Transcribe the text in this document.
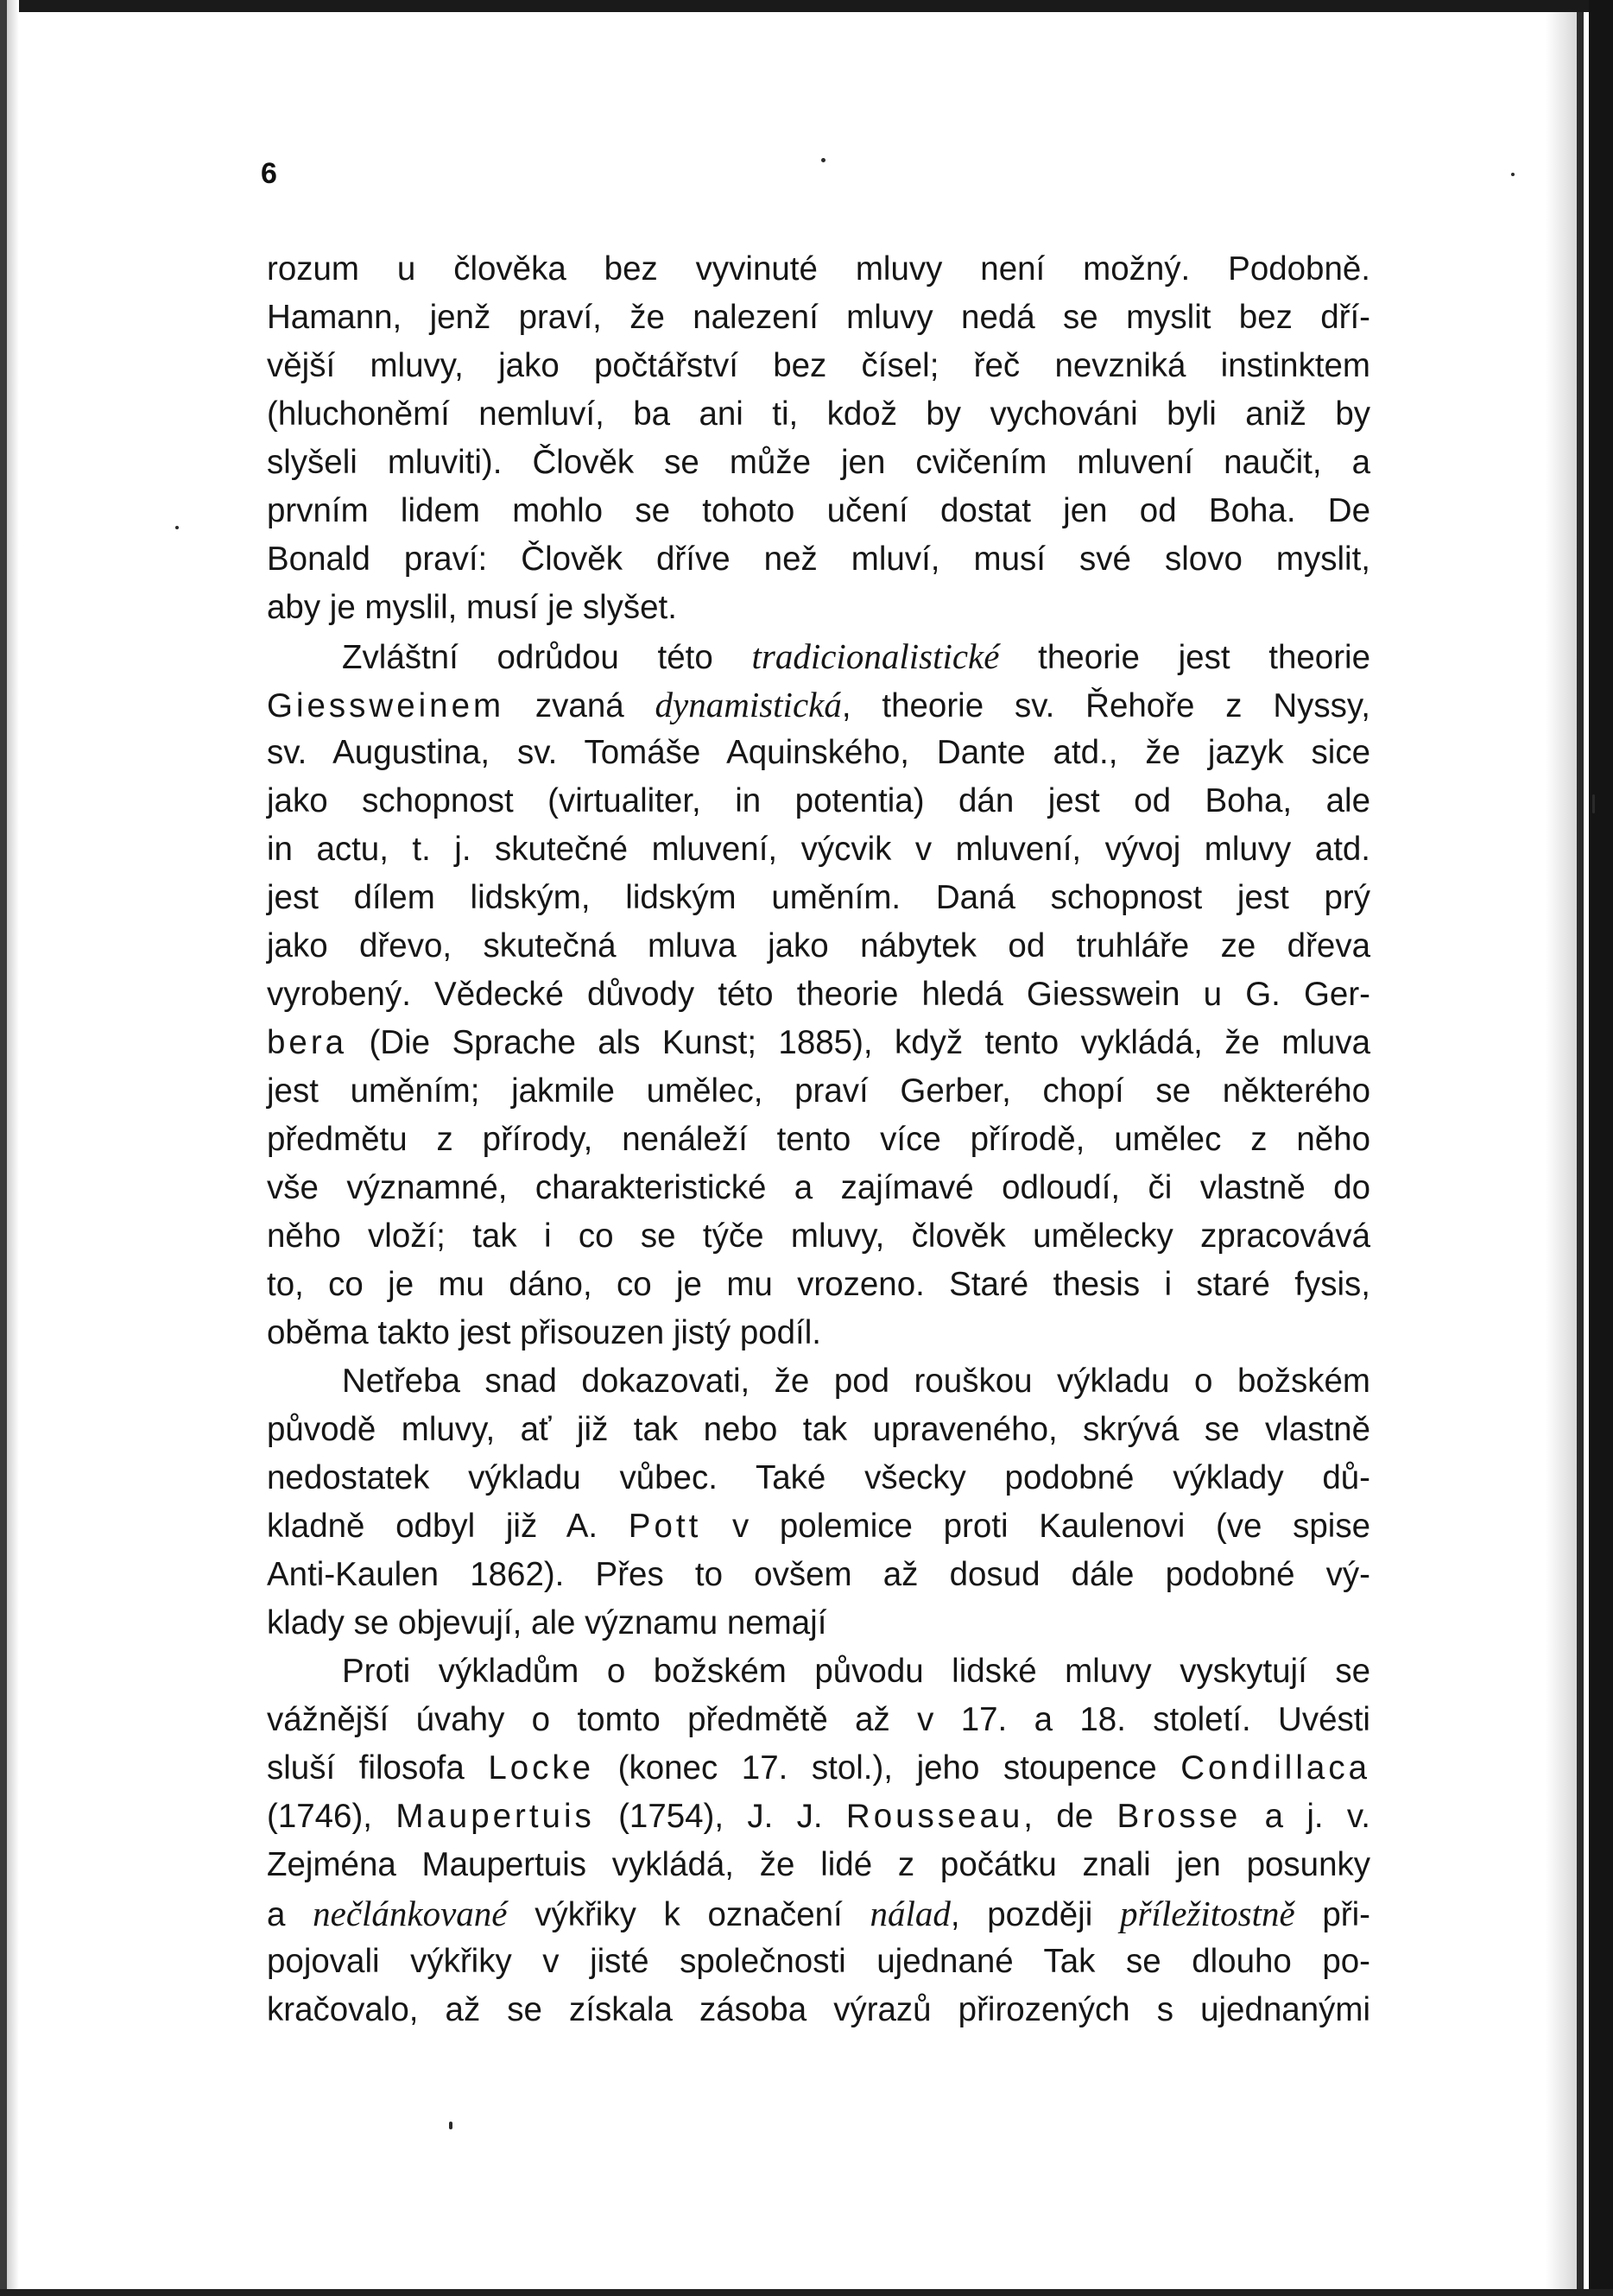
6
rozum u člověka bez vyvinuté mluvy není možný. Podobně.
Hamann, jenž praví, že nalezení mluvy nedá se myslit bez dří-
vější mluvy, jako počtářství bez čísel; řeč nevzniká instinktem
(hluchoněmí nemluví, ba ani ti, kdož by vychováni byli aniž by
slyšeli mluviti). Člověk se může jen cvičením mluvení naučit, a
prvním lidem mohlo se tohoto učení dostat jen od Boha. De
Bonald praví: Člověk dříve než mluví, musí své slovo myslit,
aby je myslil, musí je slyšet.
Zvláštní odrůdou této tradicionalistické theorie jest theorie
Giessweinem zvaná dynamistická, theorie sv. Řehoře z Nyssy,
sv. Augustina, sv. Tomáše Aquinského, Dante atd., že jazyk sice
jako schopnost (virtualiter, in potentia) dán jest od Boha, ale
in actu, t. j. skutečné mluvení, výcvik v mluvení, vývoj mluvy atd.
jest dílem lidským, lidským uměním. Daná schopnost jest prý
jako dřevo, skutečná mluva jako nábytek od truhláře ze dřeva
vyrobený. Vědecké důvody této theorie hledá Giesswein u G. Ger-
bera (Die Sprache als Kunst; 1885), když tento vykládá, že mluva
jest uměním; jakmile umělec, praví Gerber, chopí se některého
předmětu z přírody, nenáleží tento více přírodě, umělec z něho
vše významné, charakteristické a zajímavé odloudí, či vlastně do
něho vloží; tak i co se týče mluvy, člověk umělecky zpracovává
to, co je mu dáno, co je mu vrozeno. Staré thesis i staré fysis,
oběma takto jest přisouzen jistý podíl.
Netřeba snad dokazovati, že pod rouškou výkladu o božském
původě mluvy, ať již tak nebo tak upraveného, skrývá se vlastně
nedostatek výkladu vůbec. Také všecky podobné výklady dů-
kladně odbyl již A. Pott v polemice proti Kaulenovi (ve spise
Anti-Kaulen 1862). Přes to ovšem až dosud dále podobné vý-
klady se objevují, ale významu nemají
Proti výkladům o božském původu lidské mluvy vyskytují se
vážnější úvahy o tomto předmětě až v 17. a 18. století. Uvésti
sluší filosofa Locke (konec 17. stol.), jeho stoupence Condillaca
(1746), Maupertuis (1754), J. J. Rousseau, de Brosse a j. v.
Zejména Maupertuis vykládá, že lidé z počátku znali jen posunky
a nečlánkované výkřiky k označení nálad, později příležitostně při-
pojovali výkřiky v jisté společnosti ujednané Tak se dlouho po-
kračovalo, až se získala zásoba výrazů přirozených s ujednanými
